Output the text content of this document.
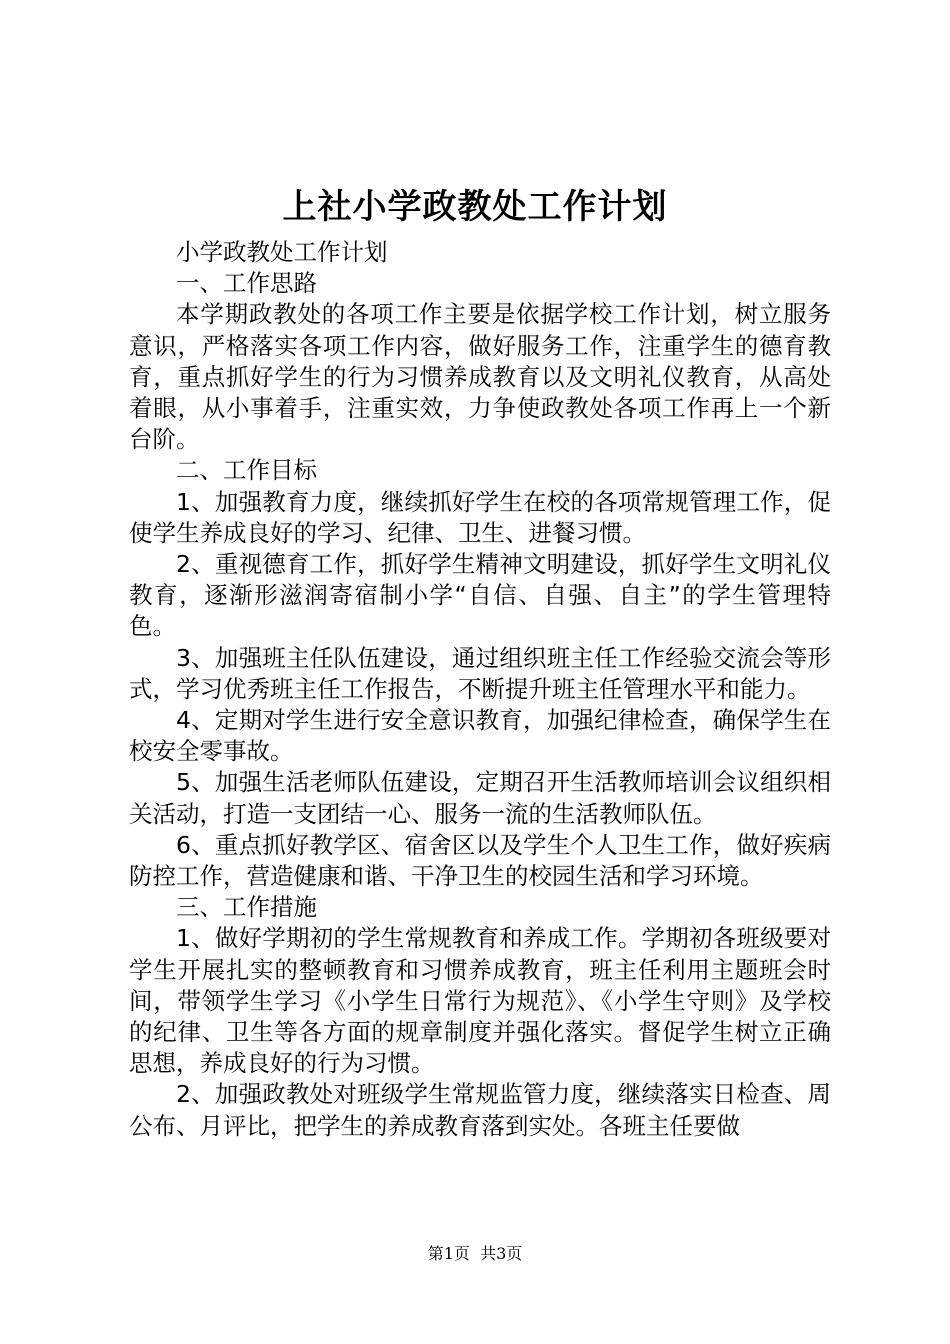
上社小学政教处工作计划

小学政教处工作计划

一、工作思路

本学期政教处的各项工作主要是依据学校工作计划，树立服务意识，严格落实各项工作内容，做好服务工作，注重学生的德育教育，重点抓好学生的行为习惯养成教育以及文明礼仪教育，从高处着眼，从小事着手，注重实效，力争使政教处各项工作再上一个新台阶。

二、工作目标

1、加强教育力度，继续抓好学生在校的各项常规管理工作，促使学生养成良好的学习、纪律、卫生、进餐习惯。

2、重视德育工作，抓好学生精神文明建设，抓好学生文明礼仪教育，逐渐形滋润寄宿制小学“自信、自强、自主”的学生管理特色。

3、加强班主任队伍建设，通过组织班主任工作经验交流会等形式，学习优秀班主任工作报告，不断提升班主任管理水平和能力。

4、定期对学生进行安全意识教育，加强纪律检查，确保学生在校安全零事故。

5、加强生活老师队伍建设，定期召开生活教师培训会议组织相关活动，打造一支团结一心、服务一流的生活教师队伍。

6、重点抓好教学区、宿舍区以及学生个人卫生工作，做好疾病防控工作，营造健康和谐、干净卫生的校园生活和学习环境。

三、工作措施

1、做好学期初的学生常规教育和养成工作。学期初各班级要对学生开展扎实的整顿教育和习惯养成教育，班主任利用主题班会时间，带领学生学习《小学生日常行为规范》、《小学生守则》及学校的纪律、卫生等各方面的规章制度并强化落实。督促学生树立正确思想，养成良好的行为习惯。

2、加强政教处对班级学生常规监管力度，继续落实日检查、周公布、月评比，把学生的养成教育落到实处。各班主任要做

第1页  共3页
